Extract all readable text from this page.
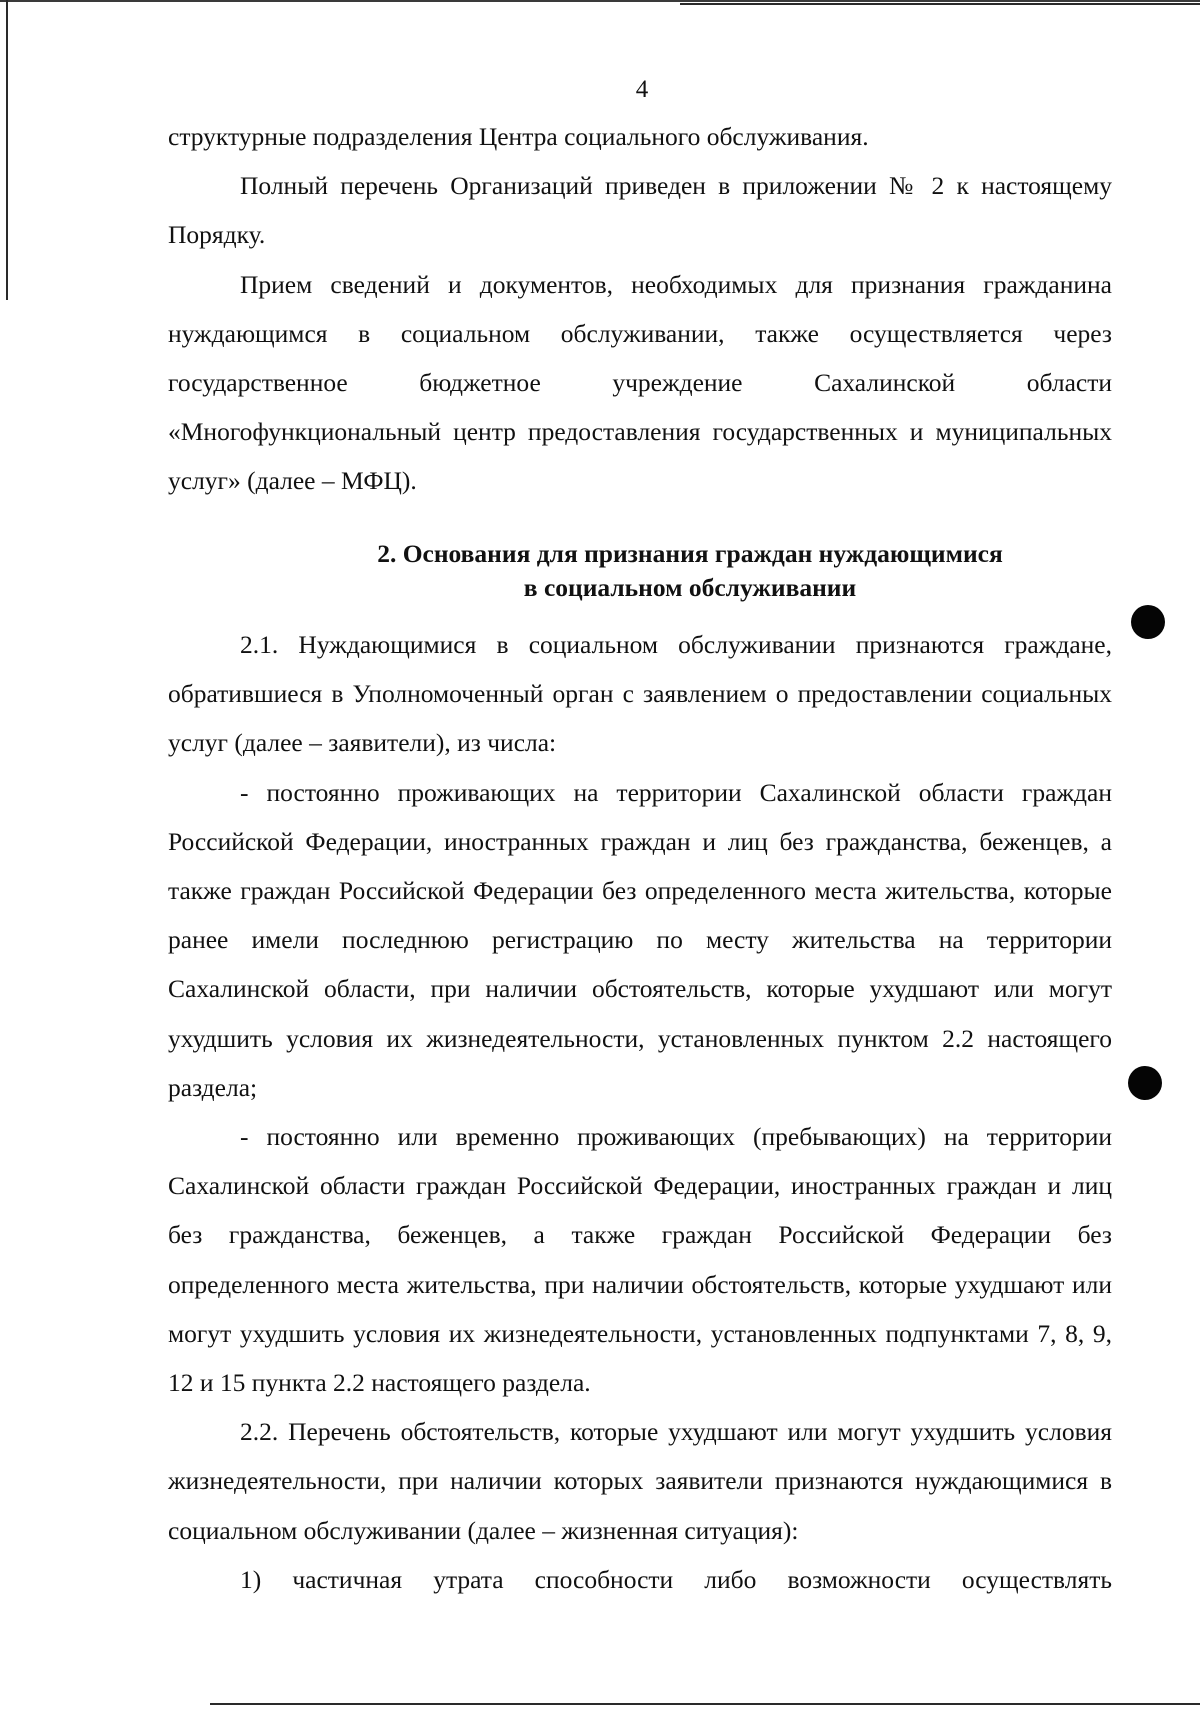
4

структурные подразделения Центра социального обслуживания.

Полный перечень Организаций приведен в приложении № 2 к настоящему Порядку.

Прием сведений и документов, необходимых для признания гражданина нуждающимся в социальном обслуживании, также осуществляется через государственное бюджетное учреждение Сахалинской области «Многофункциональный центр предоставления государственных и муниципальных услуг» (далее – МФЦ).

2. Основания для признания граждан нуждающимися
в социальном обслуживании

2.1. Нуждающимися в социальном обслуживании признаются граждане, обратившиеся в Уполномоченный орган с заявлением о предоставлении социальных услуг (далее – заявители), из числа:

- постоянно проживающих на территории Сахалинской области граждан Российской Федерации, иностранных граждан и лиц без гражданства, беженцев, а также граждан Российской Федерации без определенного места жительства, которые ранее имели последнюю регистрацию по месту жительства на территории Сахалинской области, при наличии обстоятельств, которые ухудшают или могут ухудшить условия их жизнедеятельности, установленных пунктом 2.2 настоящего раздела;

- постоянно или временно проживающих (пребывающих) на территории Сахалинской области граждан Российской Федерации, иностранных граждан и лиц без гражданства, беженцев, а также граждан Российской Федерации без определенного места жительства, при наличии обстоятельств, которые ухудшают или могут ухудшить условия их жизнедеятельности, установленных подпунктами 7, 8, 9, 12 и 15 пункта 2.2 настоящего раздела.

2.2. Перечень обстоятельств, которые ухудшают или могут ухудшить условия жизнедеятельности, при наличии которых заявители признаются нуждающимися в социальном обслуживании (далее – жизненная ситуация):

1) частичная утрата способности либо возможности осуществлять
